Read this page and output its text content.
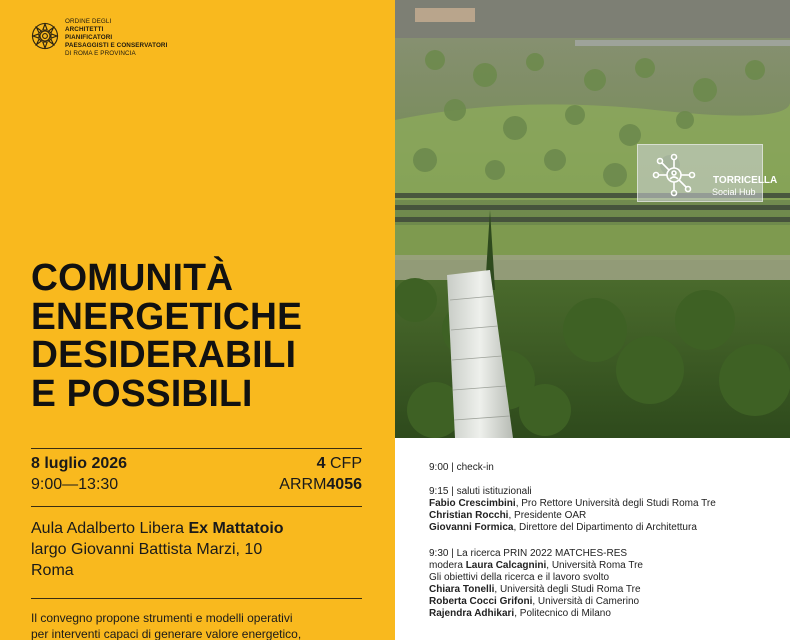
ORDINE DEGLI
ARCHITETTI
PIANIFICATORI
PAESAGGISTI E CONSERVATORI
DI ROMA E PROVINCIA
COMUNITÀ
ENERGETICHE
DESIDERABILI
E POSSIBILI
8 luglio 2026
9:00—13:30
4 CFP
ARRM4056
Aula Adalberto Libera Ex Mattatoio
largo Giovanni Battista Marzi, 10
Roma
Il convegno propone strumenti e modelli operativi
per interventi capaci di generare valore energetico,
TORRICELLA
Social Hub
9:00 | check-in
9:15 | saluti istituzionali
Fabio Crescimbini, Pro Rettore Università degli Studi Roma Tre
Christian Rocchi, Presidente OAR
Giovanni Formica, Direttore del Dipartimento di Architettura
9:30 | La ricerca PRIN 2022 MATCHES-RES
modera Laura Calcagnini, Università Roma Tre
Gli obiettivi della ricerca e il lavoro svolto
Chiara Tonelli, Università degli Studi Roma Tre
Roberta Cocci Grifoni, Università di Camerino
Rajendra Adhikari, Politecnico di Milano
